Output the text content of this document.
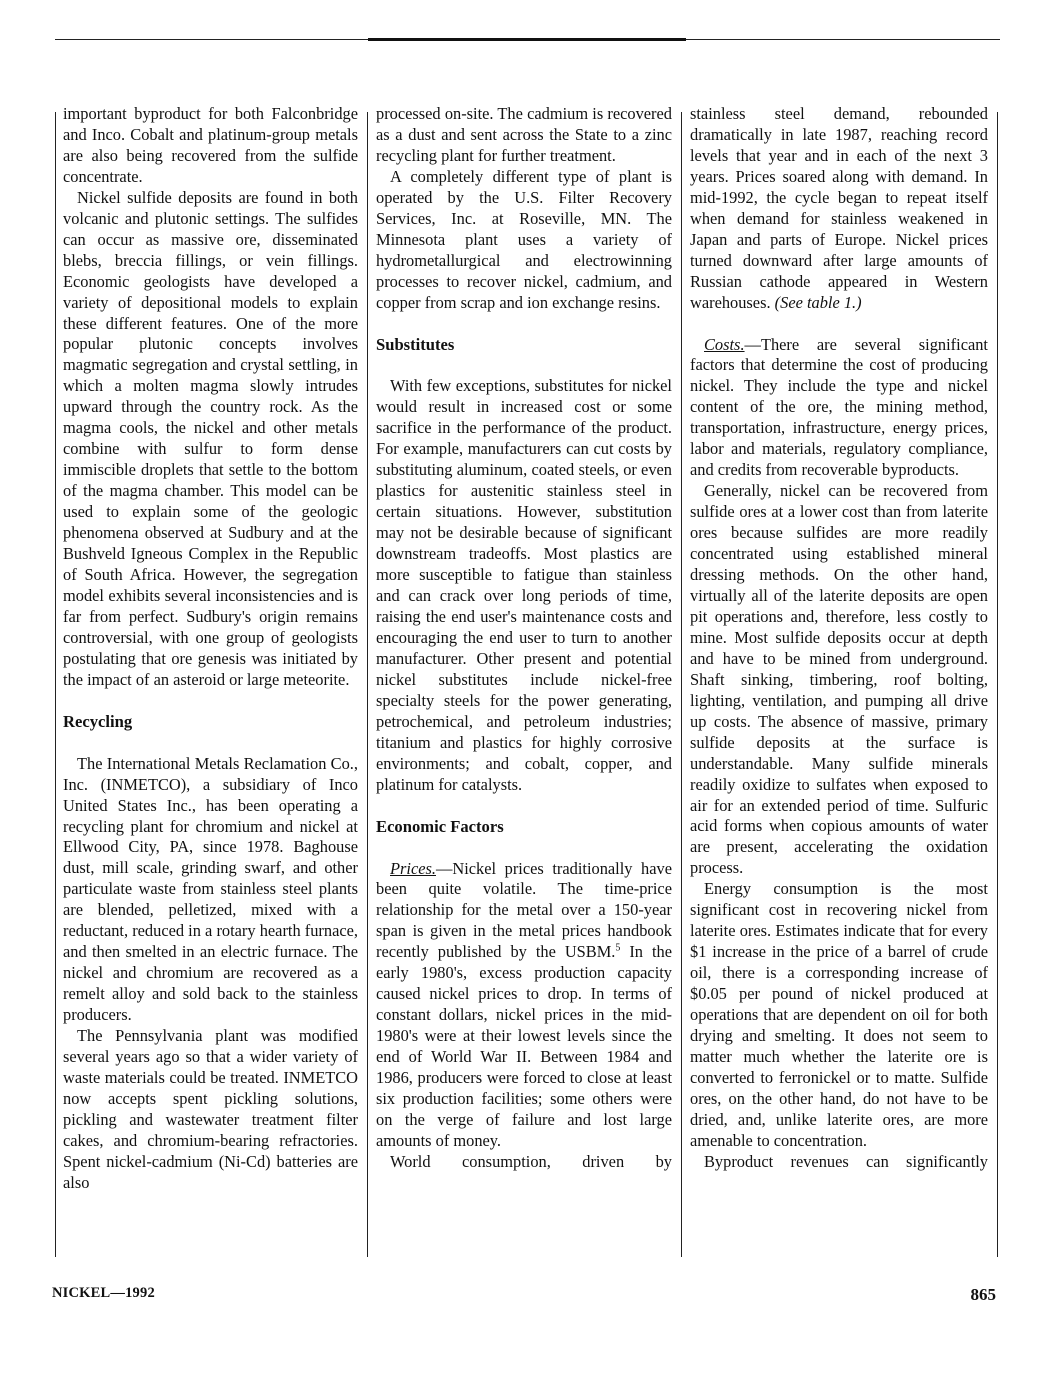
important byproduct for both Falconbridge and Inco. Cobalt and platinum-group metals are also being recovered from the sulfide concentrate.

Nickel sulfide deposits are found in both volcanic and plutonic settings. The sulfides can occur as massive ore, disseminated blebs, breccia fillings, or vein fillings. Economic geologists have developed a variety of depositional models to explain these different features. One of the more popular plutonic concepts involves magmatic segregation and crystal settling, in which a molten magma slowly intrudes upward through the country rock. As the magma cools, the nickel and other metals combine with sulfur to form dense immiscible droplets that settle to the bottom of the magma chamber. This model can be used to explain some of the geologic phenomena observed at Sudbury and at the Bushveld Igneous Complex in the Republic of South Africa. However, the segregation model exhibits several inconsistencies and is far from perfect. Sudbury's origin remains controversial, with one group of geologists postulating that ore genesis was initiated by the impact of an asteroid or large meteorite.

Recycling

The International Metals Reclamation Co., Inc. (INMETCO), a subsidiary of Inco United States Inc., has been operating a recycling plant for chromium and nickel at Ellwood City, PA, since 1978. Baghouse dust, mill scale, grinding swarf, and other particulate waste from stainless steel plants are blended, pelletized, mixed with a reductant, reduced in a rotary hearth furnace, and then smelted in an electric furnace. The nickel and chromium are recovered as a remelt alloy and sold back to the stainless producers.

The Pennsylvania plant was modified several years ago so that a wider variety of waste materials could be treated. INMETCO now accepts spent pickling solutions, pickling and wastewater treatment filter cakes, and chromium-bearing refractories. Spent nickel-cadmium (Ni-Cd) batteries are also

processed on-site. The cadmium is recovered as a dust and sent across the State to a zinc recycling plant for further treatment.

A completely different type of plant is operated by the U.S. Filter Recovery Services, Inc. at Roseville, MN. The Minnesota plant uses a variety of hydrometallurgical and electrowinning processes to recover nickel, cadmium, and copper from scrap and ion exchange resins.

Substitutes

With few exceptions, substitutes for nickel would result in increased cost or some sacrifice in the performance of the product. For example, manufacturers can cut costs by substituting aluminum, coated steels, or even plastics for austenitic stainless steel in certain situations. However, substitution may not be desirable because of significant downstream tradeoffs. Most plastics are more susceptible to fatigue than stainless and can crack over long periods of time, raising the end user's maintenance costs and encouraging the end user to turn to another manufacturer. Other present and potential nickel substitutes include nickel-free specialty steels for the power generating, petrochemical, and petroleum industries; titanium and plastics for highly corrosive environments; and cobalt, copper, and platinum for catalysts.

Economic Factors

Prices.—Nickel prices traditionally have been quite volatile. The time-price relationship for the metal over a 150-year span is given in the metal prices handbook recently published by the USBM.$^5$ In the early 1980's, excess production capacity caused nickel prices to drop. In terms of constant dollars, nickel prices in the mid-1980's were at their lowest levels since the end of World War II. Between 1984 and 1986, producers were forced to close at least six production facilities; some others were on the verge of failure and lost large amounts of money.

World consumption, driven by

stainless steel demand, rebounded dramatically in late 1987, reaching record levels that year and in each of the next 3 years. Prices soared along with demand. In mid-1992, the cycle began to repeat itself when demand for stainless weakened in Japan and parts of Europe. Nickel prices turned downward after large amounts of Russian cathode appeared in Western warehouses. (See table 1.)

Costs.—There are several significant factors that determine the cost of producing nickel. They include the type and nickel content of the ore, the mining method, transportation, infrastructure, energy prices, labor and materials, regulatory compliance, and credits from recoverable byproducts.

Generally, nickel can be recovered from sulfide ores at a lower cost than from laterite ores because sulfides are more readily concentrated using established mineral dressing methods. On the other hand, virtually all of the laterite deposits are open pit operations and, therefore, less costly to mine. Most sulfide deposits occur at depth and have to be mined from underground. Shaft sinking, timbering, roof bolting, lighting, ventilation, and pumping all drive up costs. The absence of massive, primary sulfide deposits at the surface is understandable. Many sulfide minerals readily oxidize to sulfates when exposed to air for an extended period of time. Sulfuric acid forms when copious amounts of water are present, accelerating the oxidation process.

Energy consumption is the most significant cost in recovering nickel from laterite ores. Estimates indicate that for every $1 increase in the price of a barrel of crude oil, there is a corresponding increase of $0.05 per pound of nickel produced at operations that are dependent on oil for both drying and smelting. It does not seem to matter much whether the laterite ore is converted to ferronickel or to matte. Sulfide ores, on the other hand, do not have to be dried, and, unlike laterite ores, are more amenable to concentration.

Byproduct revenues can significantly

NICKEL—1992	865
